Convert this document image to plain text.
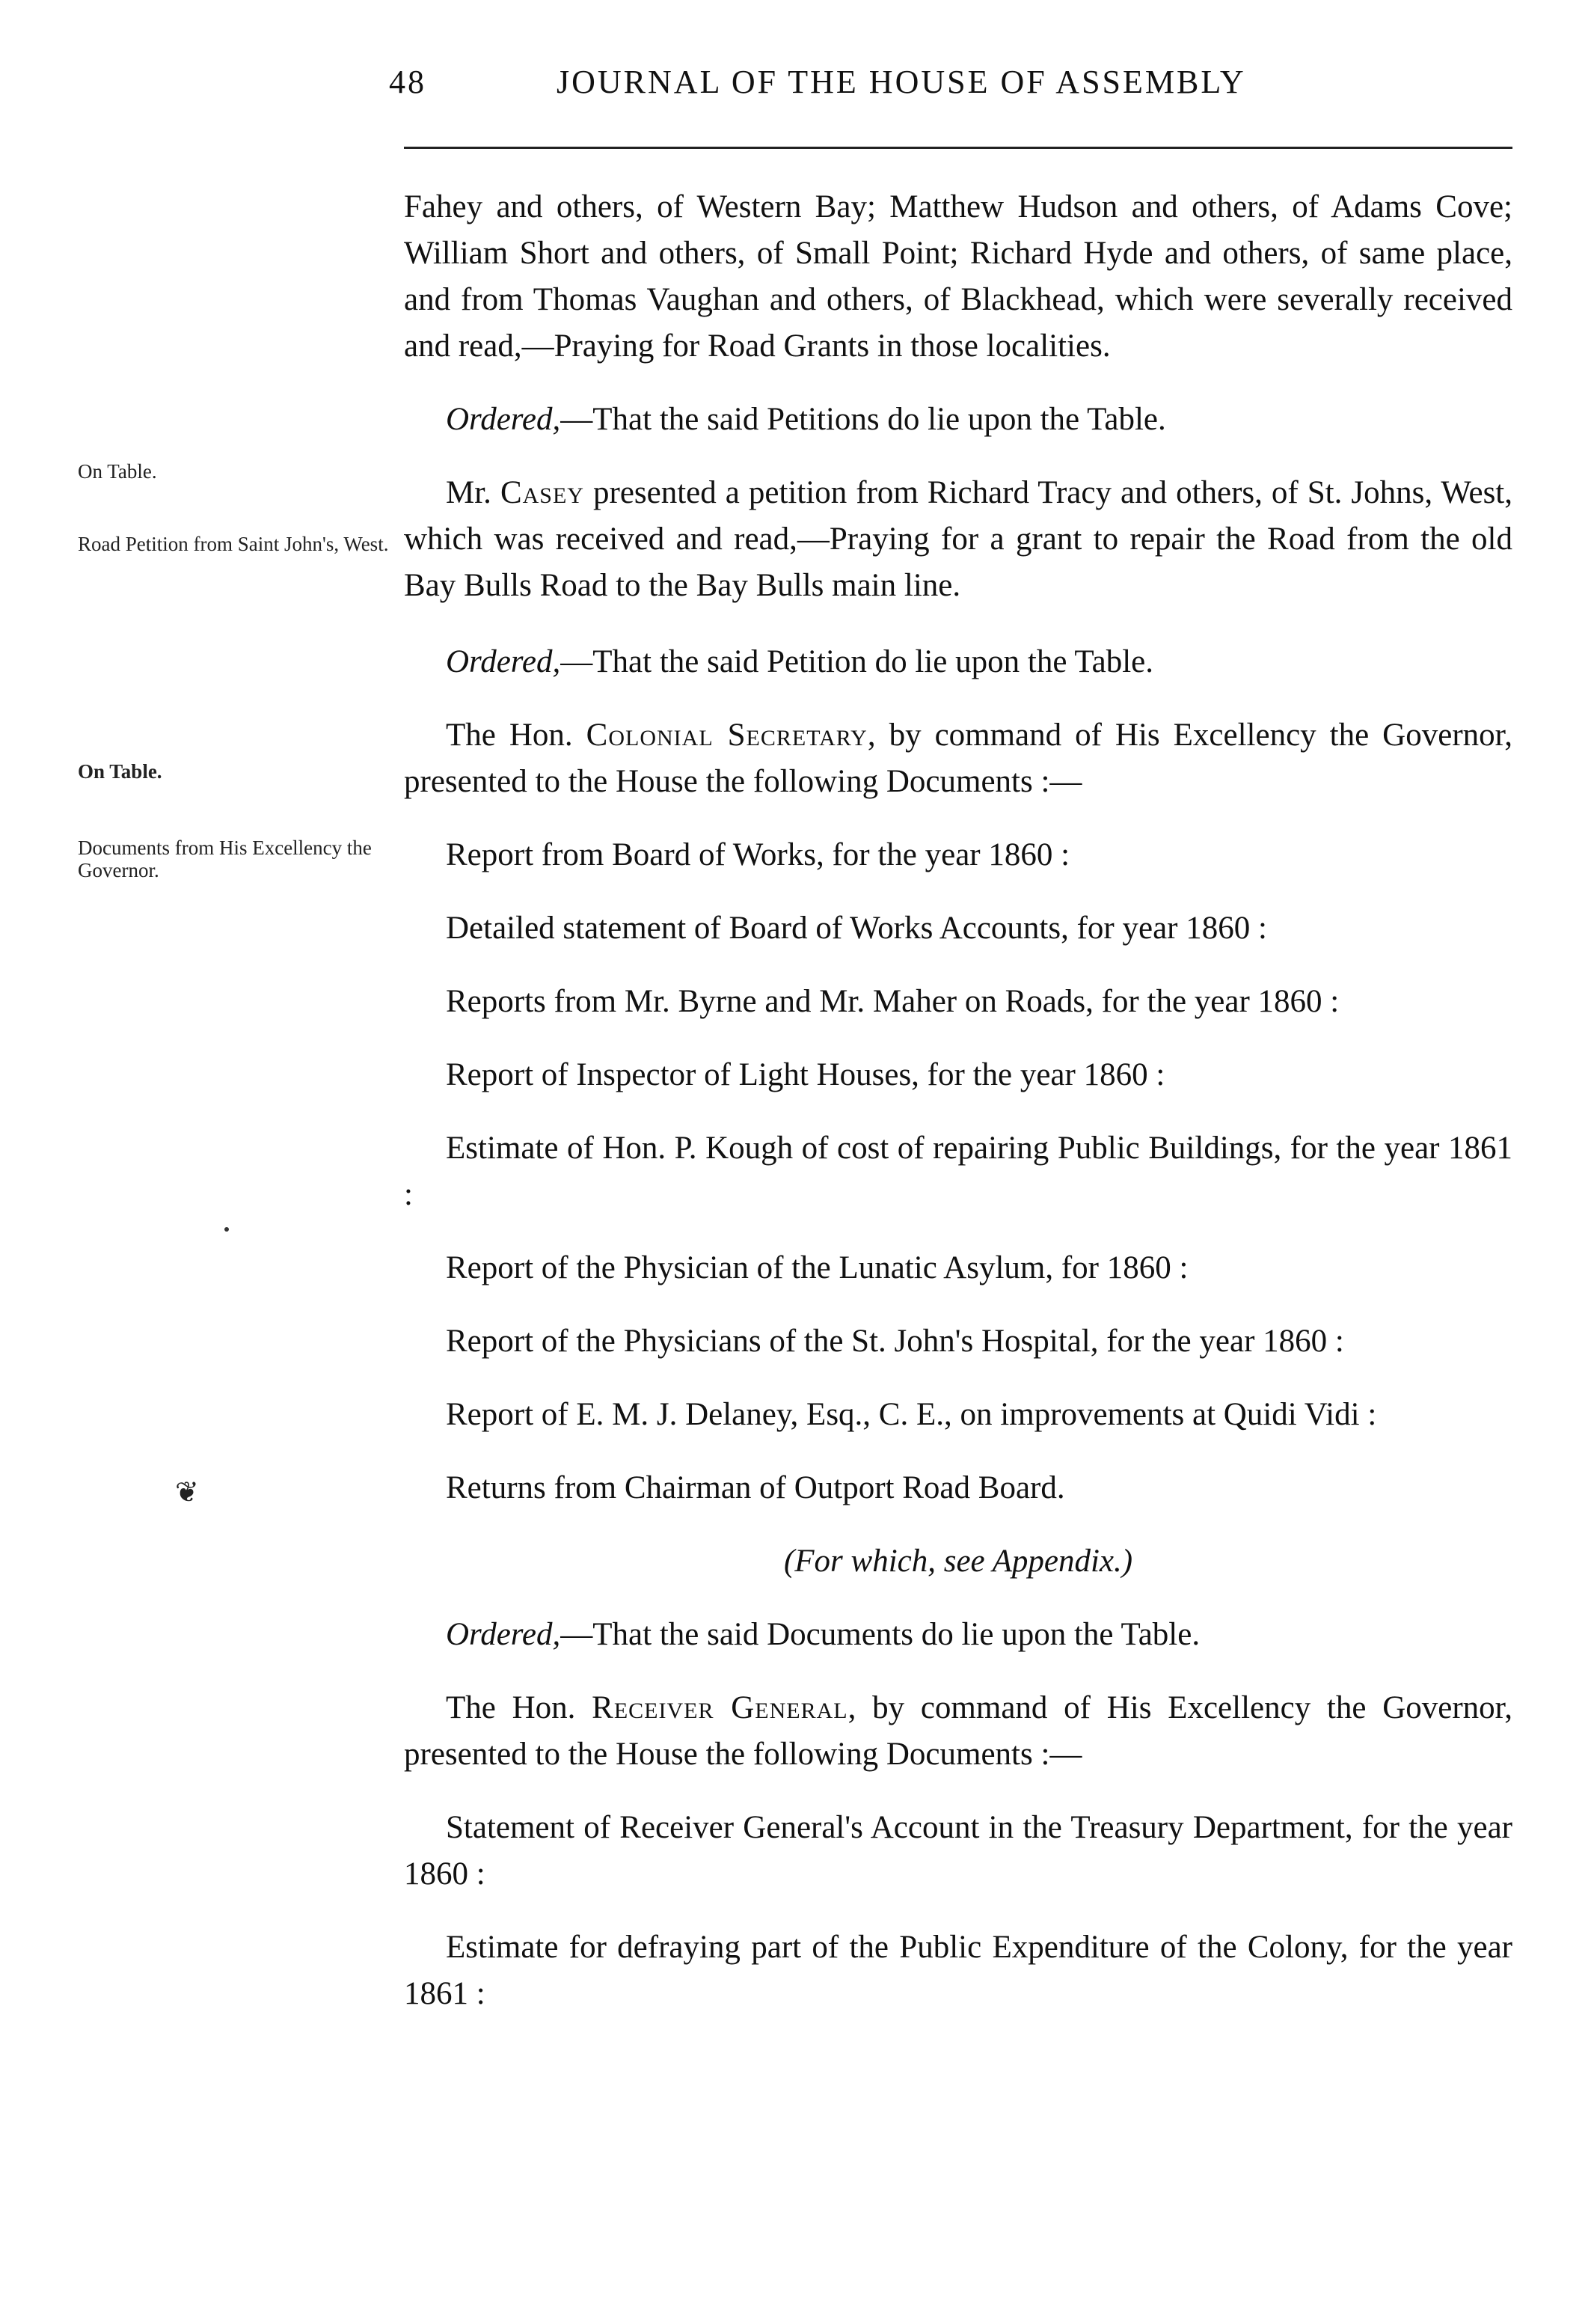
48	JOURNAL OF THE HOUSE OF ASSEMBLY
On Table.
Road Petition from Saint John's, West.
On Table.
Documents from His Excellency the Governor.
❦

Fahey and others, of Western Bay; Matthew Hudson and others, of Adams Cove; William Short and others, of Small Point; Richard Hyde and others, of same place, and from Thomas Vaughan and others, of Blackhead, which were severally received and read,—Praying for Road Grants in those localities.

Ordered,—That the said Petitions do lie upon the Table.

Mr. Casey presented a petition from Richard Tracy and others, of St. Johns, West, which was received and read,—Praying for a grant to repair the Road from the old Bay Bulls Road to the Bay Bulls main line.

Ordered,—That the said Petition do lie upon the Table.

The Hon. Colonial Secretary, by command of His Excellency the Governor, presented to the House the following Documents :—

Report from Board of Works, for the year 1860 :

Detailed statement of Board of Works Accounts, for year 1860 :

Reports from Mr. Byrne and Mr. Maher on Roads, for the year 1860 :

Report of Inspector of Light Houses, for the year 1860 :

Estimate of Hon. P. Kough of cost of repairing Public Buildings, for the year 1861 :

Report of the Physician of the Lunatic Asylum, for 1860 :

Report of the Physicians of the St. John's Hospital, for the year 1860 :

Report of E. M. J. Delaney, Esq., C. E., on improvements at Quidi Vidi :

Returns from Chairman of Outport Road Board.

(For which, see Appendix.)

Ordered,—That the said Documents do lie upon the Table.

The Hon. Receiver General, by command of His Excellency the Governor, presented to the House the following Documents :—

Statement of Receiver General's Account in the Treasury Department, for the year 1860 :

Estimate for defraying part of the Public Expenditure of the Colony, for the year 1861 :
